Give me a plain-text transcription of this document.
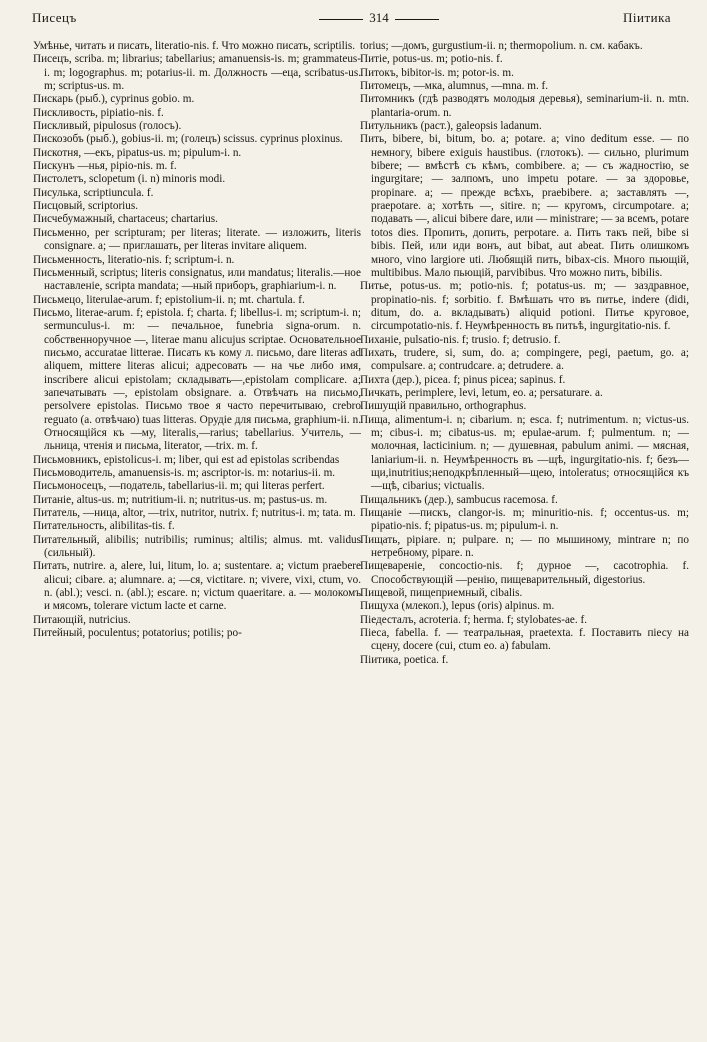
Писецъ	314	Пiитика

Умѣнье, читать и писать, literatio-nis. f. Что можно писать, scriptilis.

Писецъ, scriba. m; librarius; tabellarius; amanuensis-is. m; grammateus-i. m; logographus. m; potarius-ii. m. Должность —еца, scribatus-us. m; scriptus-us. m.

Пискарь (рыб.), cyprinus gobio. m.

Пискливость, pipiatio-nis. f.

Пискливый, pipulosus (голосъ).

Пискозобъ (рыб.), gobius-ii. m; (голецъ) scissus. cyprinus ploxinus.

Пискотня, —екъ, pipatus-us. m; pipulum-i. n.

Пискунъ —нья, pipio-nis. m. f.

Пистолетъ, sclopetum (i. n) minoris modi.

Писулька, scriptiuncula. f.

Писцовый, scriptorius.

Писчебумажный, chartaceus; chartarius.

Письменно, per scripturam; per literas; literate. — изложить, literis consignare. a; — приглашать, per literas invitare aliquem.

Письменность, literatio-nis. f; scriptum-i. n.

Письменный, scriptus; literis consignatus, или mandatus; literalis.—ное наставленіе, scripta mandata; —ный приборъ, graphiarium-i. n.

Письмецо, literulae-arum. f; epistolium-ii. n; mt. chartula. f.

Письмо, literae-arum. f; epistola. f; charta. f; libellus-i. m; scriptum-i. n; sermunculus-i. m: — печальное, funebria signa-orum. n. собственноручное —, literae manu alicujus scriptae. Основательное письмо, accuratae litterae. Писать къ кому л. письмо, dare literas ad aliquem, mittere literas alicui; адресовать — на чье либо имя, inscribere alicui epistolam; складывать—,epistolam complicare. a; запечатывать —, epistolam obsignare. a. Отвѣчать на письмо, persolvere epistolas. Письмо твое я часто перечитываю, crebro reguato (a. отвѣчаю) tuas litteras. Орудіе для письма, graphium-ii. n. Относящійся къ —му, literalis,—rarius; tabellarius. Учитель, —льница, чтенія и письма, literator, —trix. m. f.

Письмовникъ, epistolicus-i. m; liber, qui est ad epistolas scribendas

Письмоводитель, amanuensis-is. m; ascriptor-is. m: notarius-ii. m.

Письмоносецъ, —податель, tabellarius-ii. m; qui literas perfert.

Питаніе, altus-us. m; nutritium-ii. n; nutritus-us. m; pastus-us. m.

Питатель, —ница, altor, —trix, nutritor, nutrix. f; nutritus-i. m; tata. m.

Питательность, alibilitas-tis. f.

Питательный, alibilis; nutribilis; ruminus; altilis; almus. mt. validus (сильный).

Питать, nutrire. a, alere, lui, litum, lo. a; sustentare. a; victum praebere alicui; cibare. a; alumnare. a; —ся, victitare. n; vivere, vixi, ctum, vo. n. (abl.); vesci. n. (abl.); escare. n; victum quaeritare. a. — молокомъ и мясомъ, tolerare victum lacte et carne.

Питающій, nutricius.

Питейный, poculentus; potatorius; potilis; po-

torius; —домъ, gurgustium-ii. n; thermopolium. n. см. кабакъ.

Питіе, potus-us. m; potio-nis. f.

Питокъ, bibitor-is. m; potor-is. m.

Питомецъ, —мка, alumnus, —mna. m. f.

Питомникъ (гдѣ разводятъ молодыя деревья), seminarium-ii. n. mtn. plantaria-orum. n.

Питульникъ (раст.), galeopsis ladanum.

Пить, bibere, bi, bitum, bo. a; potare. a; vino deditum esse. — по немногу, bibere exiguis haustibus. (глотокъ). — сильно, plurimum bibere; — вмѣстѣ съ кѣмъ, combibere. a; — съ жадностію, se ingurgitare; — залпомъ, uno impetu potare. — за здоровье, propinare. a; — прежде всѣхъ, praebibere. a; заставлять —, praepotare. a; хотѣть —, sitire. n; — кругомъ, circumpotare. a; подавать —, alicui bibere dare, или — ministrare; — за всемъ, potare totos dies. Пропить, допить, perpotare. a. Пить такъ пей, bibe si bibis. Пей, или иди вонъ, aut bibat, aut abeat. Пить олишкомъ много, vino largiore uti. Любящій пить, bibax-cis. Много пьющій, multibibus. Мало пьющій, parvibibus. Что можно пить, bibilis.

Питье, potus-us. m; potio-nis. f; potatus-us. m; — заздравное, propinatio-nis. f; sorbitio. f. Вмѣшать что въ питье, indere (didi, ditum, do. a. вкладывать) aliquid potioni. Питье круговое, circumpotatio-nis. f. Неумѣренность въ питьѣ, ingurgitatio-nis. f.

Пиханіе, pulsatio-nis. f; trusio. f; detrusio. f.

Пихать, trudere, si, sum, do. a; compingere, pegi, paetum, go. a; compulsare. a; contrudcare. a; detrudere. a.

Пихта (дер.), picea. f; pinus picea; sapinus. f.

Пичкать, perimplere, levi, letum, eo. a; persaturare. a.

Пишущій правильно, orthographus.

Пища, alimentum-i. n; cibarium. n; esca. f; nutrimentum. n; victus-us. m; cibus-i. m; cibatus-us. m; epulae-arum. f; pulmentum. n; — молочная, lacticinium. n; — душевная, pabulum animi. — мясная, laniarium-ii. n. Неумѣренность въ —щѣ, ingurgitatio-nis. f; безъ—щи,inutritius;неподкрѣпленный—щею, intoleratus; относящійся къ —щѣ, cibarius; victualis.

Пищальникъ (дер.), sambucus racemosa. f.

Пищаніе —пискъ, clangor-is. m; minuritio-nis. f; occentus-us. m; pipatio-nis. f; pipatus-us. m; pipulum-i. n.

Пищать, pipiare. n; pulpare. n; — по мышиному, mintrare n; по нетребному, pipare. n.

Пищевареніе, concoctio-nis. f; дурное —, cacotrophia. f. Способствующій —ренію, пищеварительный, digestorius.

Пищевой, пищеприемный, cibalis.

Пищуха (млекоп.), lepus (oris) alpinus. m.

Пiедесталъ, acroteria. f; herma. f; stylobates-ae. f.

Пiеса, fabella. f. — театральная, praetexta. f. Поставить пiесу на сцену, docere (cui, ctum eo. a) fabulam.

Пiитика, poetica. f.
